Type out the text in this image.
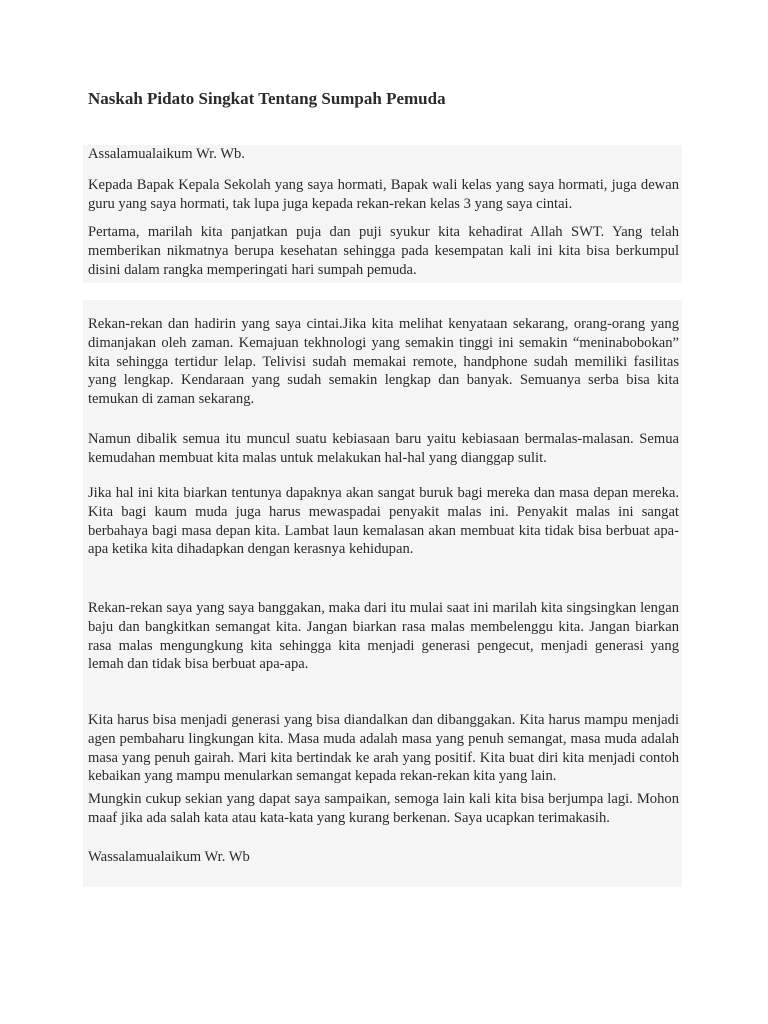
Naskah Pidato Singkat Tentang Sumpah Pemuda

Assalamualaikum Wr. Wb.

Kepada Bapak Kepala Sekolah yang saya hormati, Bapak wali kelas yang saya hormati, juga dewan guru yang saya hormati, tak lupa juga kepada rekan-rekan kelas 3 yang saya cintai.

Pertama, marilah kita panjatkan puja dan puji syukur kita kehadirat Allah SWT. Yang telah memberikan nikmatnya berupa kesehatan sehingga pada kesempatan kali ini kita bisa berkumpul disini dalam rangka memperingati hari sumpah pemuda.

Rekan-rekan dan hadirin yang saya cintai.Jika kita melihat kenyataan sekarang, orang-orang yang dimanjakan oleh zaman. Kemajuan tekhnologi yang semakin tinggi ini semakin “meninabobokan” kita sehingga tertidur lelap. Telivisi sudah memakai remote, handphone sudah memiliki fasilitas yang lengkap. Kendaraan yang sudah semakin lengkap dan banyak. Semuanya serba bisa kita temukan di zaman sekarang.

Namun dibalik semua itu muncul suatu kebiasaan baru yaitu kebiasaan bermalas-malasan. Semua kemudahan membuat kita malas untuk melakukan hal-hal yang dianggap sulit.

Jika hal ini kita biarkan tentunya dapaknya akan sangat buruk bagi mereka dan masa depan mereka. Kita bagi kaum muda juga harus mewaspadai penyakit malas ini. Penyakit malas ini sangat berbahaya bagi masa depan kita. Lambat laun kemalasan akan membuat kita tidak bisa berbuat apa-apa ketika kita dihadapkan dengan kerasnya kehidupan.

Rekan-rekan saya yang saya banggakan, maka dari itu mulai saat ini marilah kita singsingkan lengan baju dan bangkitkan semangat kita. Jangan biarkan rasa malas membelenggu kita. Jangan biarkan rasa malas mengungkung kita sehingga kita menjadi generasi pengecut, menjadi generasi yang lemah dan tidak bisa berbuat apa-apa.

Kita harus bisa menjadi generasi yang bisa diandalkan dan dibanggakan. Kita harus mampu menjadi agen pembaharu lingkungan kita. Masa muda adalah masa yang penuh semangat, masa muda adalah masa yang penuh gairah. Mari kita bertindak ke arah yang positif. Kita buat diri kita menjadi contoh kebaikan yang mampu menularkan semangat kepada rekan-rekan kita yang lain.

Mungkin cukup sekian yang dapat saya sampaikan, semoga lain kali kita bisa berjumpa lagi. Mohon maaf jika ada salah kata atau kata-kata yang kurang berkenan. Saya ucapkan terimakasih.

Wassalamualaikum Wr. Wb
